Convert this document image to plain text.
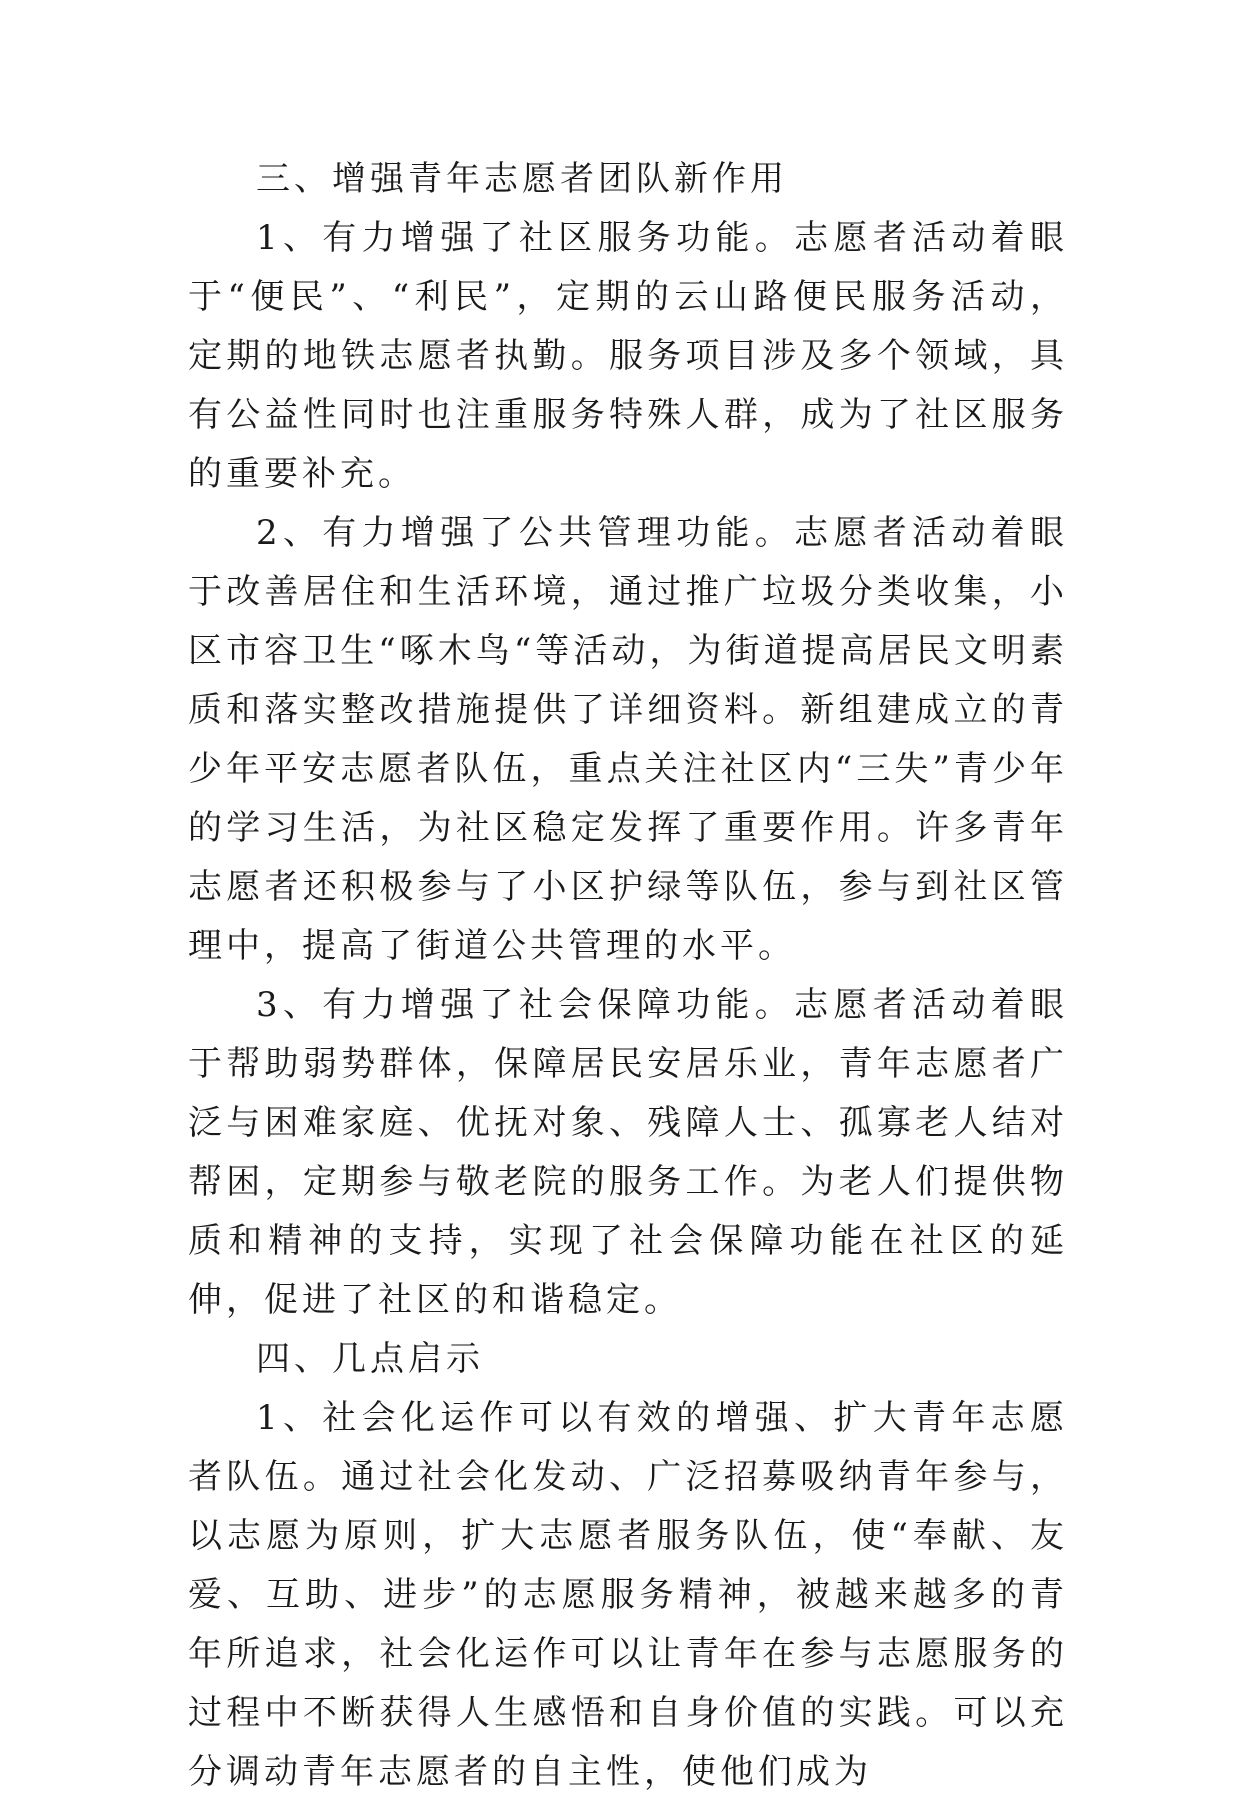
三、增强青年志愿者团队新作用

1、有力增强了社区服务功能。志愿者活动着眼于“便民”、“利民”，定期的云山路便民服务活动，定期的地铁志愿者执勤。服务项目涉及多个领域，具有公益性同时也注重服务特殊人群，成为了社区服务的重要补充。

2、有力增强了公共管理功能。志愿者活动着眼于改善居住和生活环境，通过推广垃圾分类收集，小区市容卫生“啄木鸟“等活动，为街道提高居民文明素质和落实整改措施提供了详细资料。新组建成立的青少年平安志愿者队伍，重点关注社区内“三失”青少年的学习生活，为社区稳定发挥了重要作用。许多青年志愿者还积极参与了小区护绿等队伍，参与到社区管理中，提高了街道公共管理的水平。

3、有力增强了社会保障功能。志愿者活动着眼于帮助弱势群体，保障居民安居乐业，青年志愿者广泛与困难家庭、优抚对象、残障人士、孤寡老人结对帮困，定期参与敬老院的服务工作。为老人们提供物质和精神的支持，实现了社会保障功能在社区的延伸，促进了社区的和谐稳定。

四、几点启示

1、社会化运作可以有效的增强、扩大青年志愿者队伍。通过社会化发动、广泛招募吸纳青年参与，以志愿为原则，扩大志愿者服务队伍，使“奉献、友爱、互助、进步”的志愿服务精神，被越来越多的青年所追求，社会化运作可以让青年在参与志愿服务的过程中不断获得人生感悟和自身价值的实践。可以充分调动青年志愿者的自主性，使他们成为
